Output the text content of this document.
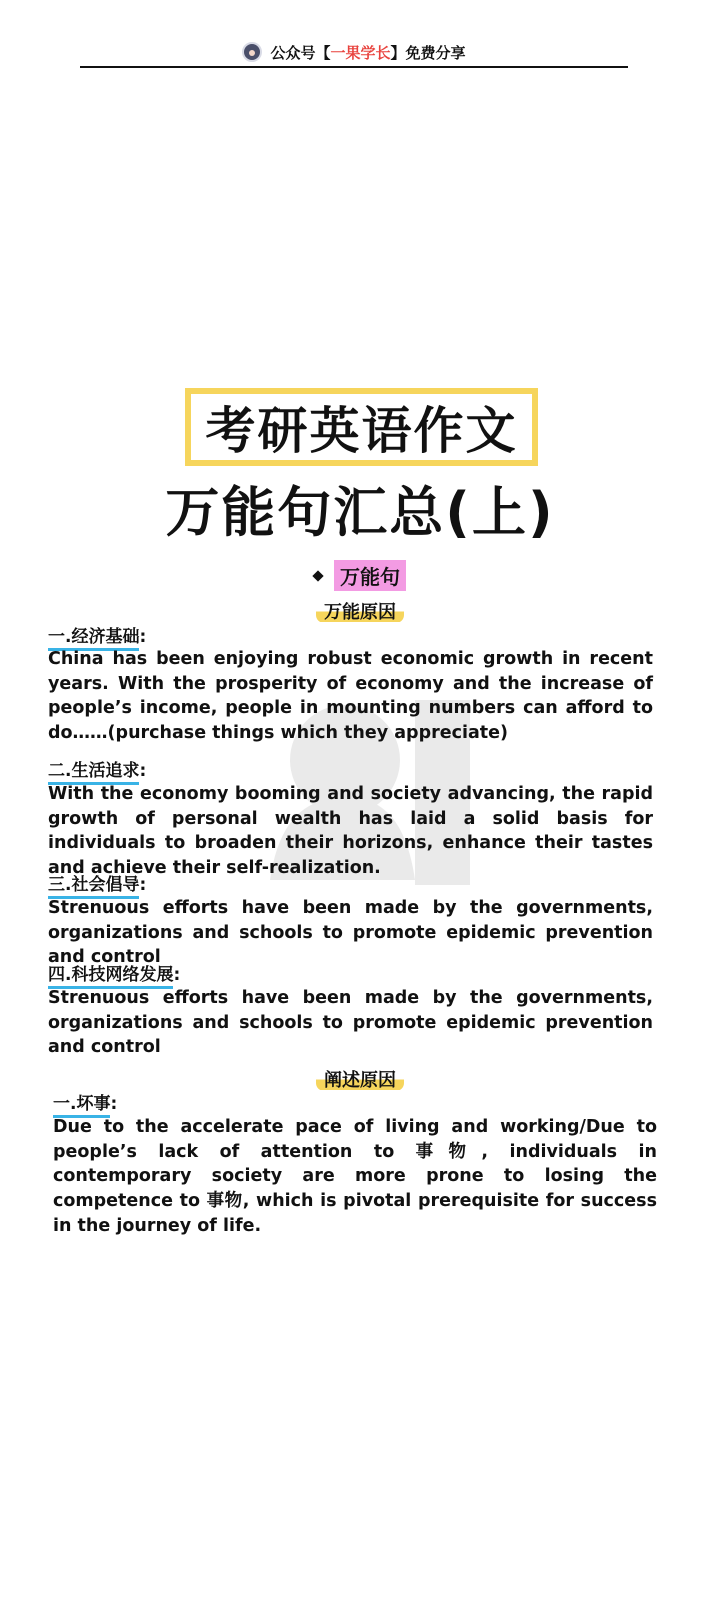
公众号【 一果学长 】免费分享
考研英语作文
万能句汇总(上)
万能句
万能原因
一.经济基础:

China has been enjoying robust economic growth in recent years. With the prosperity of economy and the increase of people’s income, people in mounting numbers can afford to do……(purchase things which they appreciate)

二.生活追求:

With the economy booming and society advancing, the rapid growth of personal wealth has laid a solid basis for individuals to broaden their horizons, enhance their tastes and achieve their self-realization.

三.社会倡导:

Strenuous efforts have been made by the governments, organizations and schools to promote epidemic prevention and control

四.科技网络发展:

Strenuous efforts have been made by the governments, organizations and schools to promote epidemic prevention and control

阐述原因
一.坏事:

Due to the accelerate pace of living and working/Due to people’s lack of attention to 事物, individuals in contemporary society are more prone to losing the competence to 事物, which is pivotal prerequisite for success in the journey of life.
